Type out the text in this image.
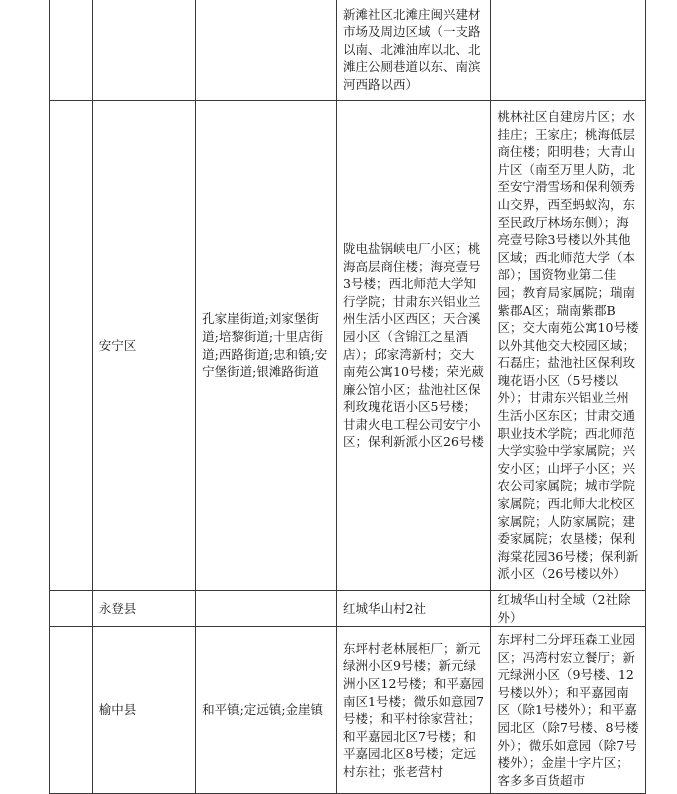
			新滩社区北滩庄闽兴建材市场及周边区域（一支路以南、北滩油库以北、北滩庄公厕巷道以东、南滨河西路以西）	

	安宁区	孔家崖街道;刘家堡街道;培黎街道;十里店街道;西路街道;忠和镇;安宁堡街道;银滩路街道	陇电盐锅峡电厂小区；桃海高层商住楼；海亮壹号3号楼；西北师范大学知行学院；甘肃东兴铝业兰州生活小区西区；天合溪园小区（含锦江之星酒店）；邱家湾新村；交大南苑公寓10号楼；荣光葳廉公馆小区；盐池社区保利玫瑰花语小区5号楼；甘肃火电工程公司安宁小区；保利新派小区26号楼	桃林社区自建房片区；水挂庄；王家庄；桃海低层商住楼；阳明巷；大青山片区（南至万里人防，北至安宁滑雪场和保利领秀山交界，西至蚂蚁沟，东至民政厅林场东侧）；海亮壹号除3号楼以外其他区域；西北师范大学（本部）；国资物业第二佳园；教育局家属院；瑞南紫郡A区；瑞南紫郡B区；交大南苑公寓10号楼以外其他交大校园区域；石磊庄；盐池社区保利玫瑰花语小区（5号楼以外）；甘肃东兴铝业兰州生活小区东区；甘肃交通职业技术学院；西北师范大学实验中学家属院；兴安小区；山坪子小区；兴农公司家属院；城市学院家属院；西北师大北校区家属院；人防家属院；建委家属院；农垦楼；保利海棠花园36号楼；保利新派小区（26号楼以外）

	永登县		红城华山村2社	红城华山村全域（2社除外）

	榆中县	和平镇;定远镇;金崖镇	东坪村老林展柜厂；新元绿洲小区9号楼；新元绿洲小区12号楼；和平嘉园南区1号楼；微乐如意园7号楼；和平村徐家营社；和平嘉园北区7号楼；和平嘉园北区8号楼；定远村东社；张老营村	东坪村二分坪珏森工业园区；冯湾村宏立餐厅；新元绿洲小区（9号楼、12号楼以外）；和平嘉园南区（除1号楼外）；和平嘉园北区（除7号楼、8号楼外）；微乐如意园（除7号楼外）；金崖十字片区；客多多百货超市
